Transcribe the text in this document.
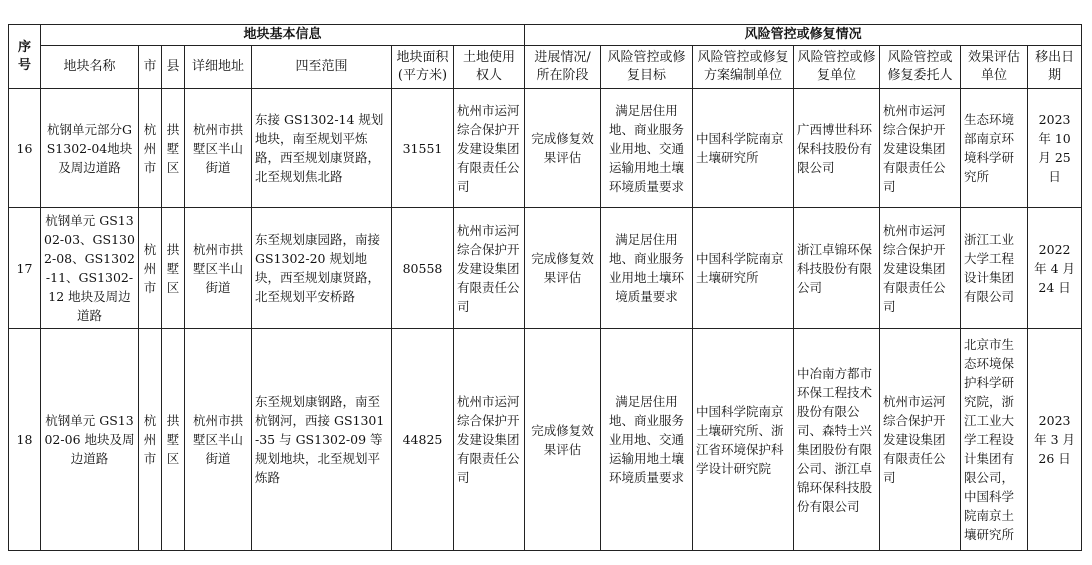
序号	地块基本信息							风险管控或修复情况						
	地块名称	市	县	详细地址	四至范围	地块面积(平方米)	土地使用权人	进展情况/所在阶段	风险管控或修复目标	风险管控或修复方案编制单位	风险管控或修复单位	风险管控或修复委托人	效果评估单位	移出日期
16	杭钢单元部分GS1302-04地块及周边道路	杭州市	拱墅区	杭州市拱墅区半山街道	东接 GS1302-14 规划地块，南至规划平炼路，西至规划康贤路，北至规划焦北路	31551	杭州市运河综合保护开发建设集团有限责任公司	完成修复效果评估	满足居住用地、商业服务业用地、交通运输用地土壤环境质量要求	中国科学院南京土壤研究所	广西博世科环保科技股份有限公司	杭州市运河综合保护开发建设集团有限责任公司	生态环境部南京环境科学研究所	2023 年 10 月 25 日
17	杭钢单元 GS1302-03、GS1302-08、GS1302-11、GS1302-12 地块及周边道路	杭州市	拱墅区	杭州市拱墅区半山街道	东至规划康园路，南接 GS1302-20 规划地块，西至规划康贤路，北至规划平安桥路	80558	杭州市运河综合保护开发建设集团有限责任公司	完成修复效果评估	满足居住用地、商业服务业用地土壤环境质量要求	中国科学院南京土壤研究所	浙江卓锦环保科技股份有限公司	杭州市运河综合保护开发建设集团有限责任公司	浙江工业大学工程设计集团有限公司	2022 年 4 月 24 日
18	杭钢单元 GS1302-06 地块及周边道路	杭州市	拱墅区	杭州市拱墅区半山街道	东至规划康钢路，南至杭钢河，西接 GS1301-35 与 GS1302-09 等规划地块，北至规划平炼路	44825	杭州市运河综合保护开发建设集团有限责任公司	完成修复效果评估	满足居住用地、商业服务业用地、交通运输用地土壤环境质量要求	中国科学院南京土壤研究所、浙江省环境保护科学设计研究院	中冶南方都市环保工程技术股份有限公司、森特士兴集团股份有限公司、浙江卓锦环保科技股份有限公司	杭州市运河综合保护开发建设集团有限责任公司	北京市生态环境保护科学研究院，浙江工业大学工程设计集团有限公司，中国科学院南京土壤研究所	2023 年 3 月 26 日
